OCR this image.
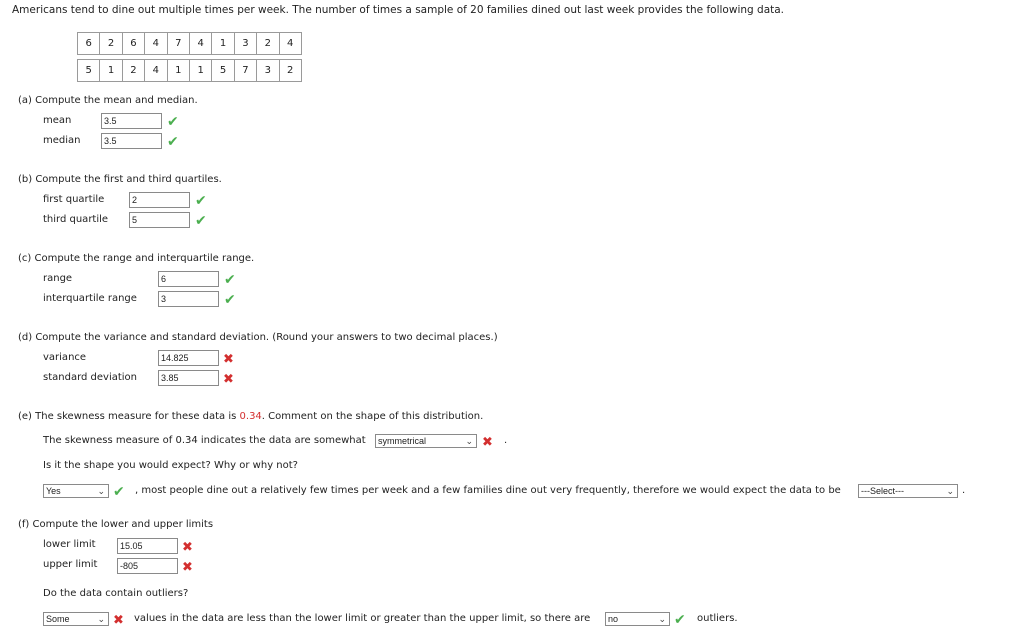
Americans tend to dine out multiple times per week. The number of times a sample of 20 families dined out last week provides the following data.
6	2	6	4	7	4	1	3	2	4
5	1	2	4	1	1	5	7	3	2
(a) Compute the mean and median.
mean	3.5	✔
median	3.5	✔
(b) Compute the first and third quartiles.
first quartile	2	✔
third quartile	5	✔
(c) Compute the range and interquartile range.
range	6	✔
interquartile range	3	✔
(d) Compute the variance and standard deviation. (Round your answers to two decimal places.)
variance	14.825	✖
standard deviation	3.85	✖
(e) The skewness measure for these data is 0.34. Comment on the shape of this distribution.
The skewness measure of 0.34 indicates the data are somewhat	symmetrical	⌄ ✖ .
Is it the shape you would expect? Why or why not?
Yes	⌄ ✔ , most people dine out a relatively few times per week and a few families dine out very frequently, therefore we would expect the data to be	---Select---	⌄ .
(f) Compute the lower and upper limits
lower limit	15.05	✖
upper limit	-805	✖
Do the data contain outliers?
Some	⌄ ✖ values in the data are less than the lower limit or greater than the upper limit, so there are	no	⌄ ✔ outliers.
